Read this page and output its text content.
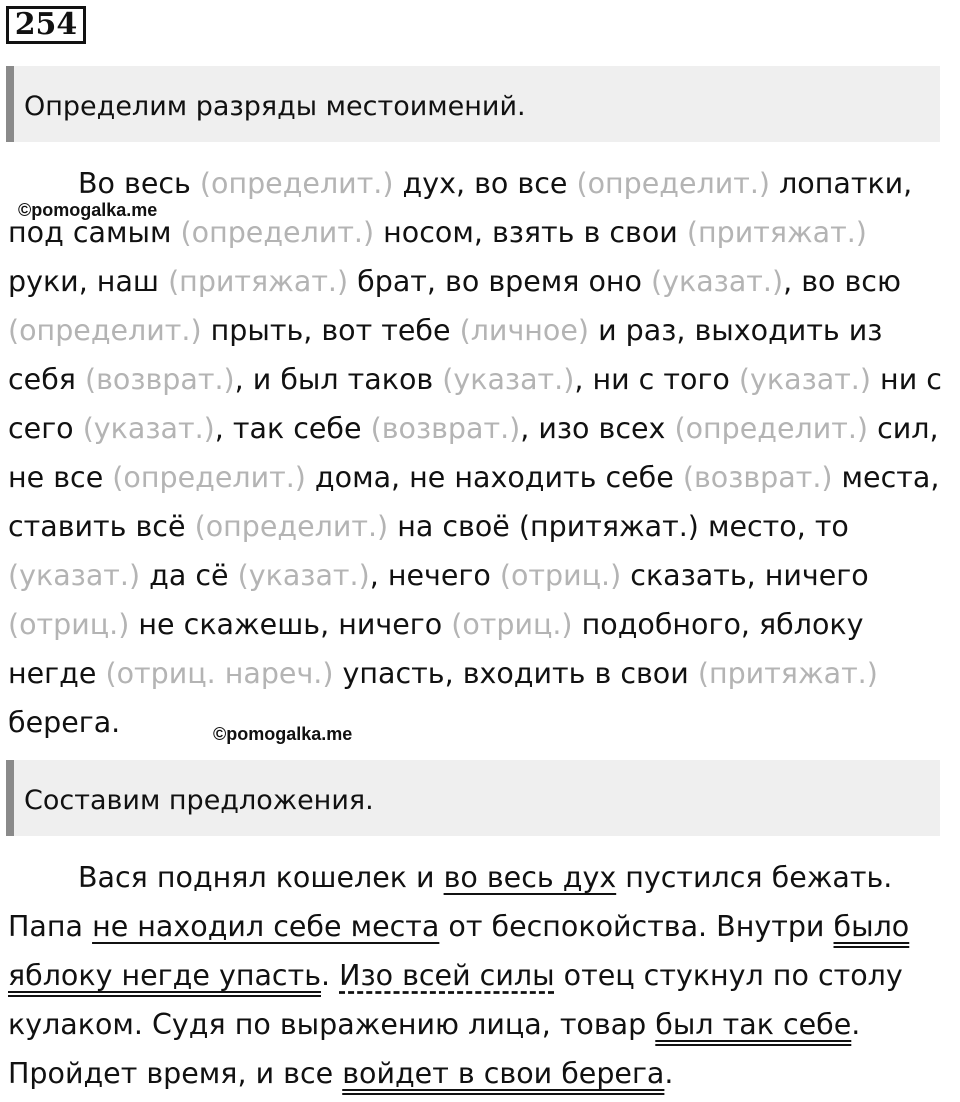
254
Определим разряды местоимений.
Во весь (определит.) дух, во все (определит.) лопатки, под самым (определит.) носом, взять в свои (притяжат.) руки, наш (притяжат.) брат, во время оно (указат.), во всю (определит.) прыть, вот тебе (личное) и раз, выходить из себя (возврат.), и был таков (указат.), ни с того (указат.) ни с сего (указат.), так себе (возврат.), изо всех (определит.) сил, не все (определит.) дома, не находить себе (возврат.) места, ставить всё (определит.) на своё (притяжат.) место, то (указат.) да сё (указат.), нечего (отриц.) сказать, ничего (отриц.) не скажешь, ничего (отриц.) подобного, яблоку негде (отриц. нареч.) упасть, входить в свои (притяжат.) берега.
Составим предложения.
Вася поднял кошелек и во весь дух пустился бежать. Папа не находил себе места от беспокойства. Внутри было яблоку негде упасть. Изо всей силы отец стукнул по столу кулаком. Судя по выражению лица, товар был так себе. Пройдет время, и все войдет в свои берега.
©pomogalka.me
©pomogalka.me
